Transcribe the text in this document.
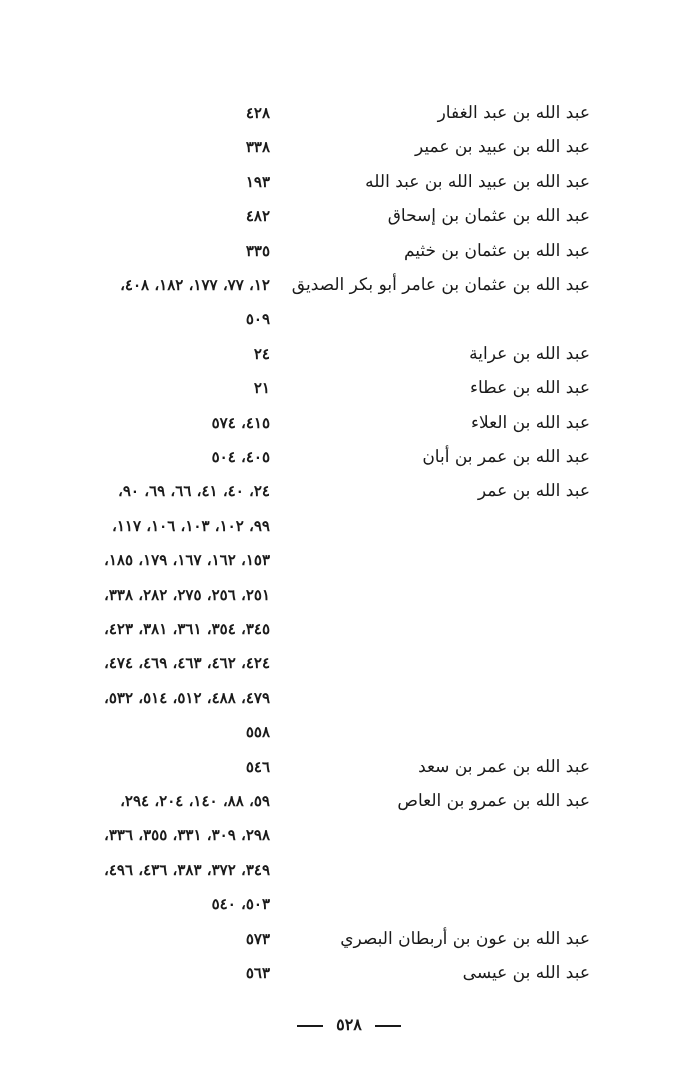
عبد الله بن عبد الغفار
٤٢٨
عبد الله بن عبيد بن عمير
٣٣٨
عبد الله بن عبيد الله بن عبد الله
١٩٣
عبد الله بن عثمان بن إسحاق
٤٨٢
عبد الله بن عثمان بن خثيم
٣٣٥
عبد الله بن عثمان بن عامر أبو بكر الصديق
١٢، ٧٧، ١٧٧، ١٨٢، ٤٠٨،
٥٠٩
عبد الله بن عراية
٢٤
عبد الله بن عطاء
٢١
عبد الله بن العلاء
٤١٥، ٥٧٤
عبد الله بن عمر بن أبان
٤٠٥، ٥٠٤
عبد الله بن عمر
٢٤، ٤٠، ٤١، ٦٦، ٦٩، ٩٠،
٩٩، ١٠٢، ١٠٣، ١٠٦، ١١٧،
١٥٣، ١٦٢، ١٦٧، ١٧٩، ١٨٥،
٢٥١، ٢٥٦، ٢٧٥، ٢٨٢، ٣٣٨،
٣٤٥، ٣٥٤، ٣٦١، ٣٨١، ٤٢٣،
٤٢٤، ٤٦٢، ٤٦٣، ٤٦٩، ٤٧٤،
٤٧٩، ٤٨٨، ٥١٢، ٥١٤، ٥٣٢،
٥٥٨
عبد الله بن عمر بن سعد
٥٤٦
عبد الله بن عمرو بن العاص
٥٩، ٨٨، ١٤٠، ٢٠٤، ٢٩٤،
٢٩٨، ٣٠٩، ٣٣١، ٣٥٥، ٣٣٦،
٣٤٩، ٣٧٢، ٣٨٣، ٤٣٦، ٤٩٦،
٥٠٣، ٥٤٠
عبد الله بن عون بن أربطان البصري
٥٧٣
عبد الله بن عيسى
٥٦٣
٥٢٨
